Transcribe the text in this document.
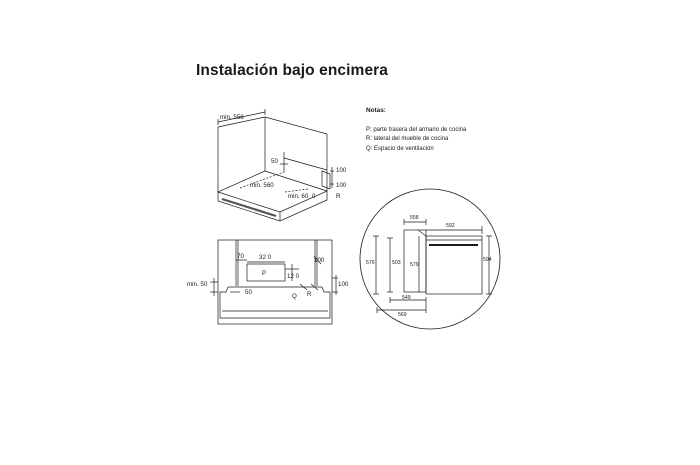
Instalación bajo encimera
Notas:
P: parte trasera del armario de cocina
R: lateral del mueble de cocina
Q: Espacio de ventilación
min. 556
50
min. 560
min. 60 0
100
100
R
70 32 0
P	12 0
100
min. 50
50
Q R
100
558
592
576	503 579
594
549
569
